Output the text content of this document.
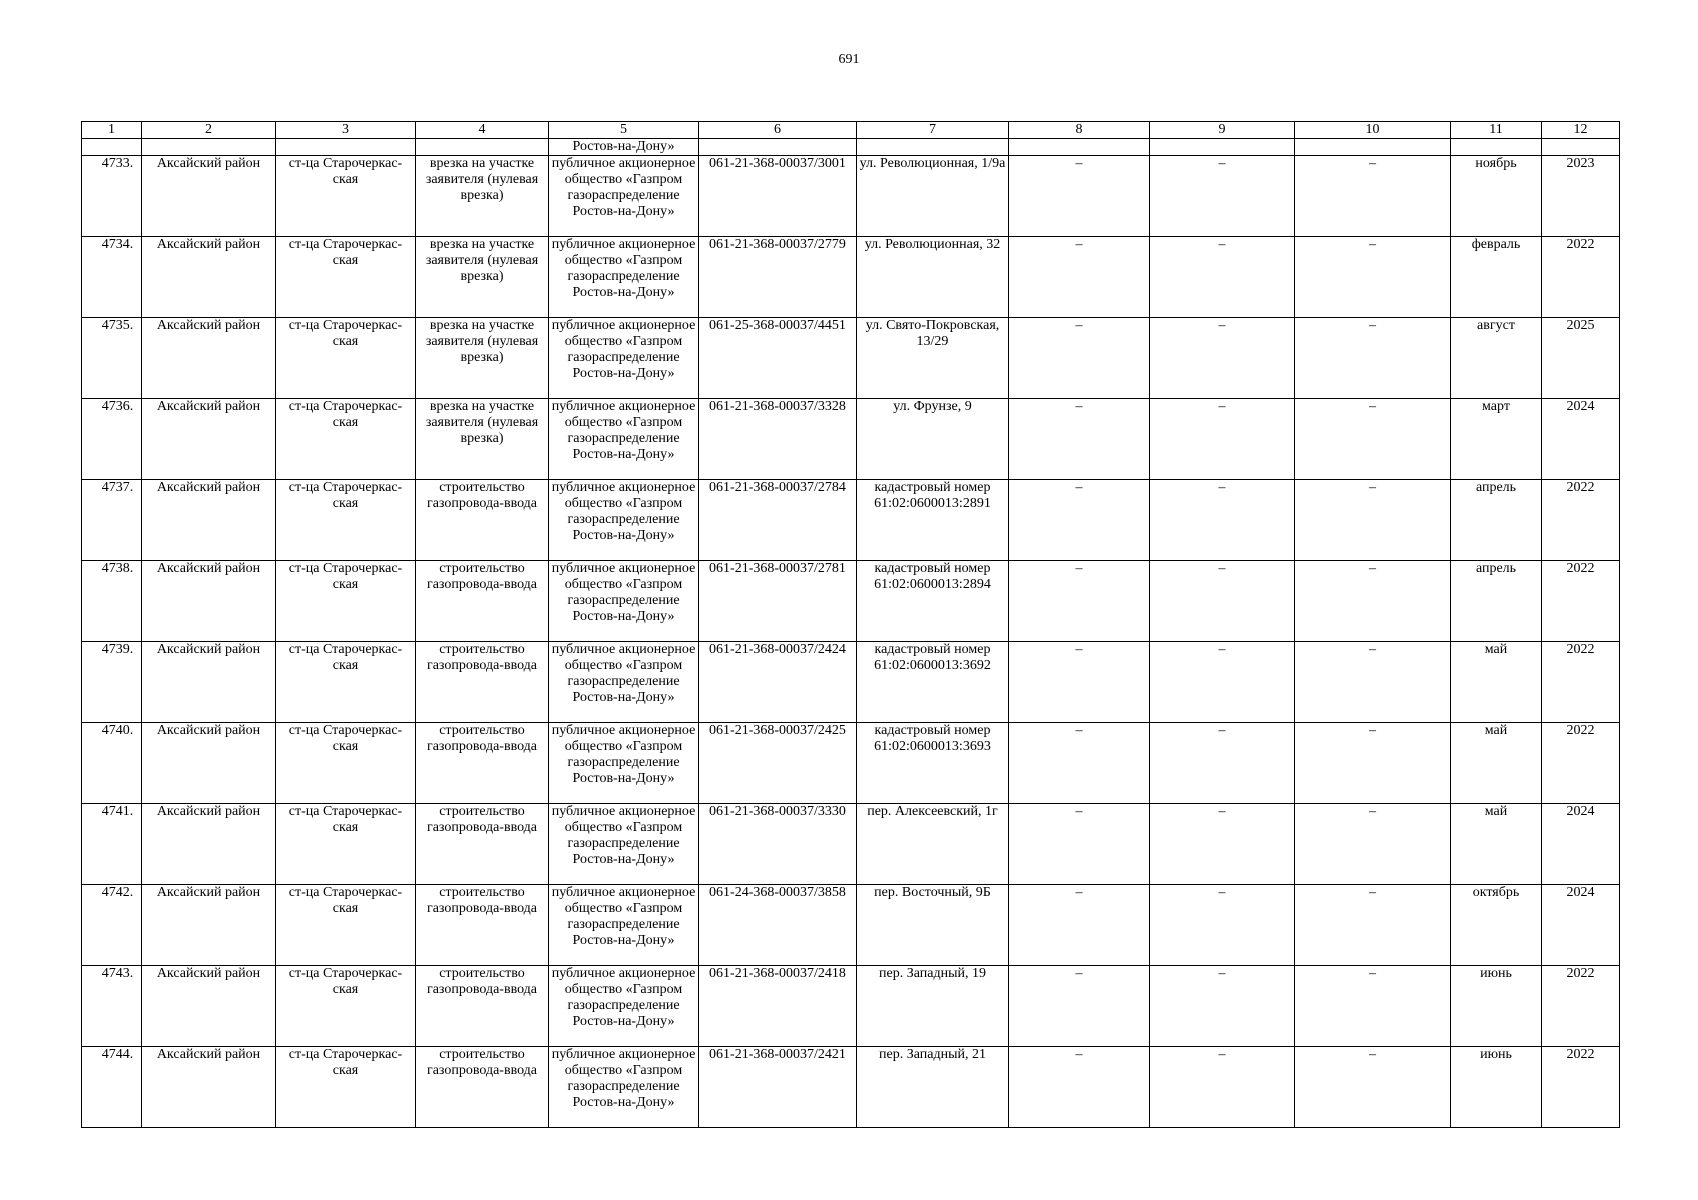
691
1	2	3	4	5	6	7	8	9	10	11	12
				Ростов-на-Дону»							
4733.	Аксайский район	ст-ца Старочеркас-ская	врезка на участке заявителя (нулевая врезка)	публичное акционерное общество «Газпром газораспределение Ростов-на-Дону»	061-21-368-00037/3001	ул. Революционная, 1/9а	–	–	–	ноябрь	2023
4734.	Аксайский район	ст-ца Старочеркас-ская	врезка на участке заявителя (нулевая врезка)	публичное акционерное общество «Газпром газораспределение Ростов-на-Дону»	061-21-368-00037/2779	ул. Революционная, 32	–	–	–	февраль	2022
4735.	Аксайский район	ст-ца Старочеркас-ская	врезка на участке заявителя (нулевая врезка)	публичное акционерное общество «Газпром газораспределение Ростов-на-Дону»	061-25-368-00037/4451	ул. Свято-Покровская, 13/29	–	–	–	август	2025
4736.	Аксайский район	ст-ца Старочеркас-ская	врезка на участке заявителя (нулевая врезка)	публичное акционерное общество «Газпром газораспределение Ростов-на-Дону»	061-21-368-00037/3328	ул. Фрунзе, 9	–	–	–	март	2024
4737.	Аксайский район	ст-ца Старочеркас-ская	строительство газопровода-ввода	публичное акционерное общество «Газпром газораспределение Ростов-на-Дону»	061-21-368-00037/2784	кадастровый номер 61:02:0600013:2891	–	–	–	апрель	2022
4738.	Аксайский район	ст-ца Старочеркас-ская	строительство газопровода-ввода	публичное акционерное общество «Газпром газораспределение Ростов-на-Дону»	061-21-368-00037/2781	кадастровый номер 61:02:0600013:2894	–	–	–	апрель	2022
4739.	Аксайский район	ст-ца Старочеркас-ская	строительство газопровода-ввода	публичное акционерное общество «Газпром газораспределение Ростов-на-Дону»	061-21-368-00037/2424	кадастровый номер 61:02:0600013:3692	–	–	–	май	2022
4740.	Аксайский район	ст-ца Старочеркас-ская	строительство газопровода-ввода	публичное акционерное общество «Газпром газораспределение Ростов-на-Дону»	061-21-368-00037/2425	кадастровый номер 61:02:0600013:3693	–	–	–	май	2022
4741.	Аксайский район	ст-ца Старочеркас-ская	строительство газопровода-ввода	публичное акционерное общество «Газпром газораспределение Ростов-на-Дону»	061-21-368-00037/3330	пер. Алексеевский, 1г	–	–	–	май	2024
4742.	Аксайский район	ст-ца Старочеркас-ская	строительство газопровода-ввода	публичное акционерное общество «Газпром газораспределение Ростов-на-Дону»	061-24-368-00037/3858	пер. Восточный, 9Б	–	–	–	октябрь	2024
4743.	Аксайский район	ст-ца Старочеркас-ская	строительство газопровода-ввода	публичное акционерное общество «Газпром газораспределение Ростов-на-Дону»	061-21-368-00037/2418	пер. Западный, 19	–	–	–	июнь	2022
4744.	Аксайский район	ст-ца Старочеркас-ская	строительство газопровода-ввода	публичное акционерное общество «Газпром газораспределение Ростов-на-Дону»	061-21-368-00037/2421	пер. Западный, 21	–	–	–	июнь	2022
